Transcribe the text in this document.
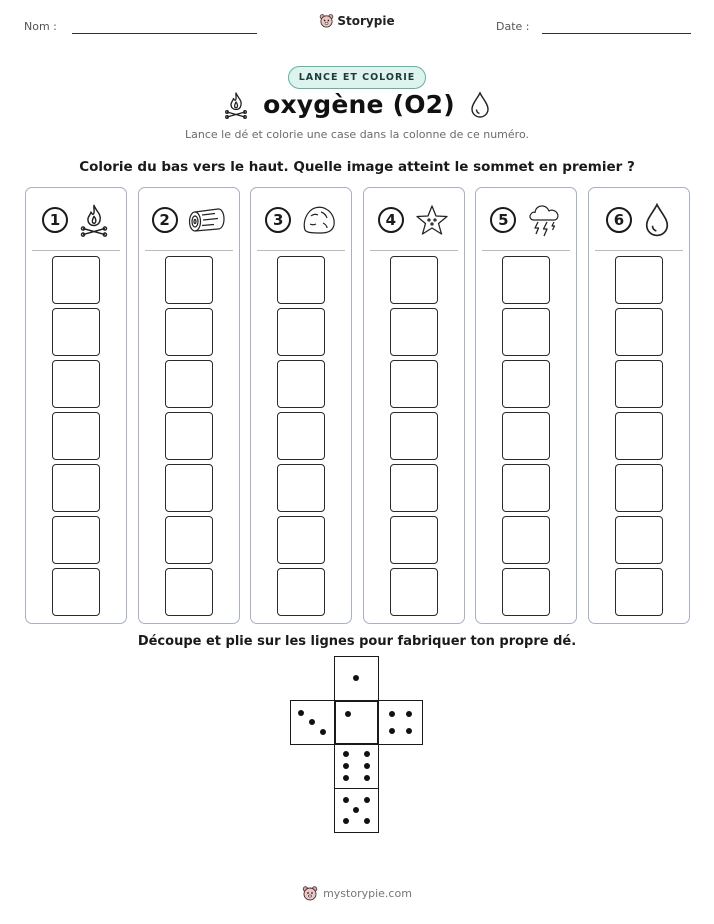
Nom :	Storypie	Date :
LANCE ET COLORIE
oxygène (O2)
Lance le dé et colorie une case dans la colonne de ce numéro.
Colorie du bas vers le haut. Quelle image atteint le sommet en premier ?
1	2	3	4	5	6
Découpe et plie sur les lignes pour fabriquer ton propre dé.
mystorypie.com
